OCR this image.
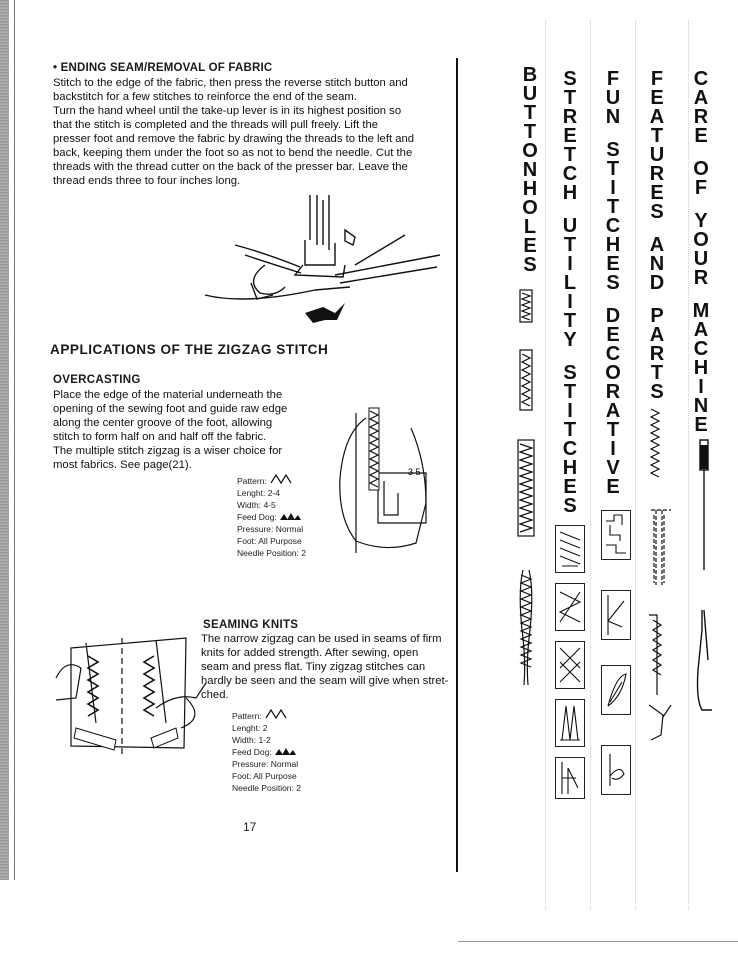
• ENDING SEAM/REMOVAL OF FABRIC
Stitch to the edge of the fabric, then press the reverse stitch button and
backstitch for a few stitches to reinforce the end of the seam.
Turn the hand wheel until the take-up lever is in its highest position so
that the stitch is completed and the threads will pull freely. Lift the
presser foot and remove the fabric by drawing the threads to the left and
back, keeping them under the foot so as not to bend the needle. Cut the
threads with the thread cutter on the back of the presser bar. Leave the
thread ends three to four inches long.
APPLICATIONS OF THE ZIGZAG STITCH
OVERCASTING
Place the edge of the material underneath the
opening of the sewing foot and guide raw edge
along the center groove of the foot, allowing
stitch to form half on and half off the fabric.
The multiple stitch zigzag is a wiser choice for
most fabrics. See page(21).
Pattern:
Lenght: 2-4
Width: 4-5
Feed Dog:
Pressure: Normal
Foot: All Purpose
Needle Position: 2
3 5
SEAMING KNITS
The narrow zigzag can be used in seams of firm
knits for added strength. After sewing, open
seam and press flat. Tiny zigzag stitches can
hardly be seen and the seam will give when stret-
ched.
Pattern:
Lenght: 2
Width: 1-2
Feed Dog:
Pressure: Normal
Foot: All Purpose
Needle Position: 2
17
B
U
T
T
O
N
H
O
L
E
S
S
T
R
E
T
C
H
U
T
I
L
I
T
Y
S
T
I
T
C
H
E
S
F
U
N
S
T
I
T
C
H
E
S
D
E
C
O
R
A
T
I
V
E
F
E
A
T
U
R
E
S
A
N
D
P
A
R
T
S
C
A
R
E
O
F
Y
O
U
R
M
A
C
H
I
N
E
